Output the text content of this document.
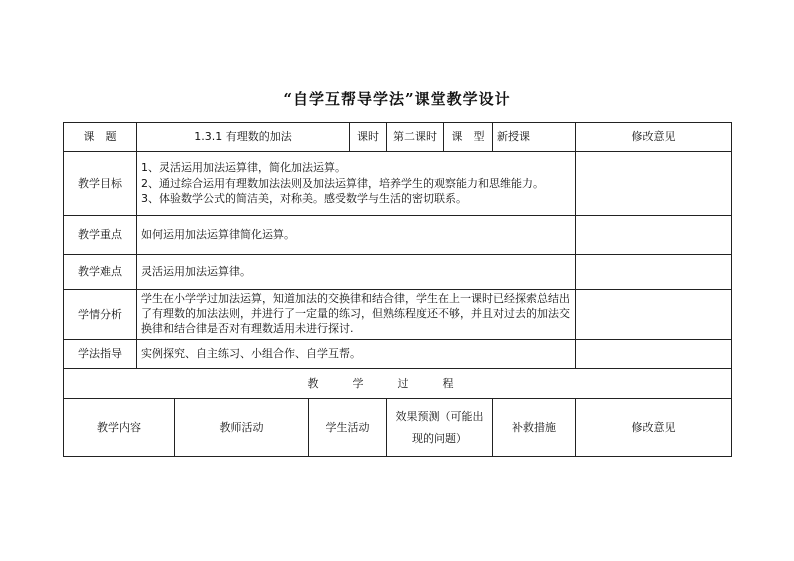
“自学互帮导学法”课堂教学设计
课　题	1.3.1 有理数的加法			课时	第二课时	课　型	新授课	修改意见
教学目标	1、灵活运用加法运算律，简化加法运算。
2、通过综合运用有理数加法法则及加法运算律，培养学生的观察能力和思维能力。
3、体验数学公式的简洁美，对称美。感受数学与生活的密切联系。							

教学重点	如何运用加法运算律简化运算。							
教学难点	灵活运用加法运算律。							
学情分析	学生在小学学过加法运算，知道加法的交换律和结合律，学生在上一课时已经探索总结出了有理数的加法法则，并进行了一定量的练习，但熟练程度还不够，并且对过去的加法交换律和结合律是否对有理数适用未进行探讨.							
学法指导	实例探究、自主练习、小组合作、自学互帮。							
教学过程								
教学内容		教师活动	学生活动		效果预测（可能出现的问题）		补救措施	修改意见
